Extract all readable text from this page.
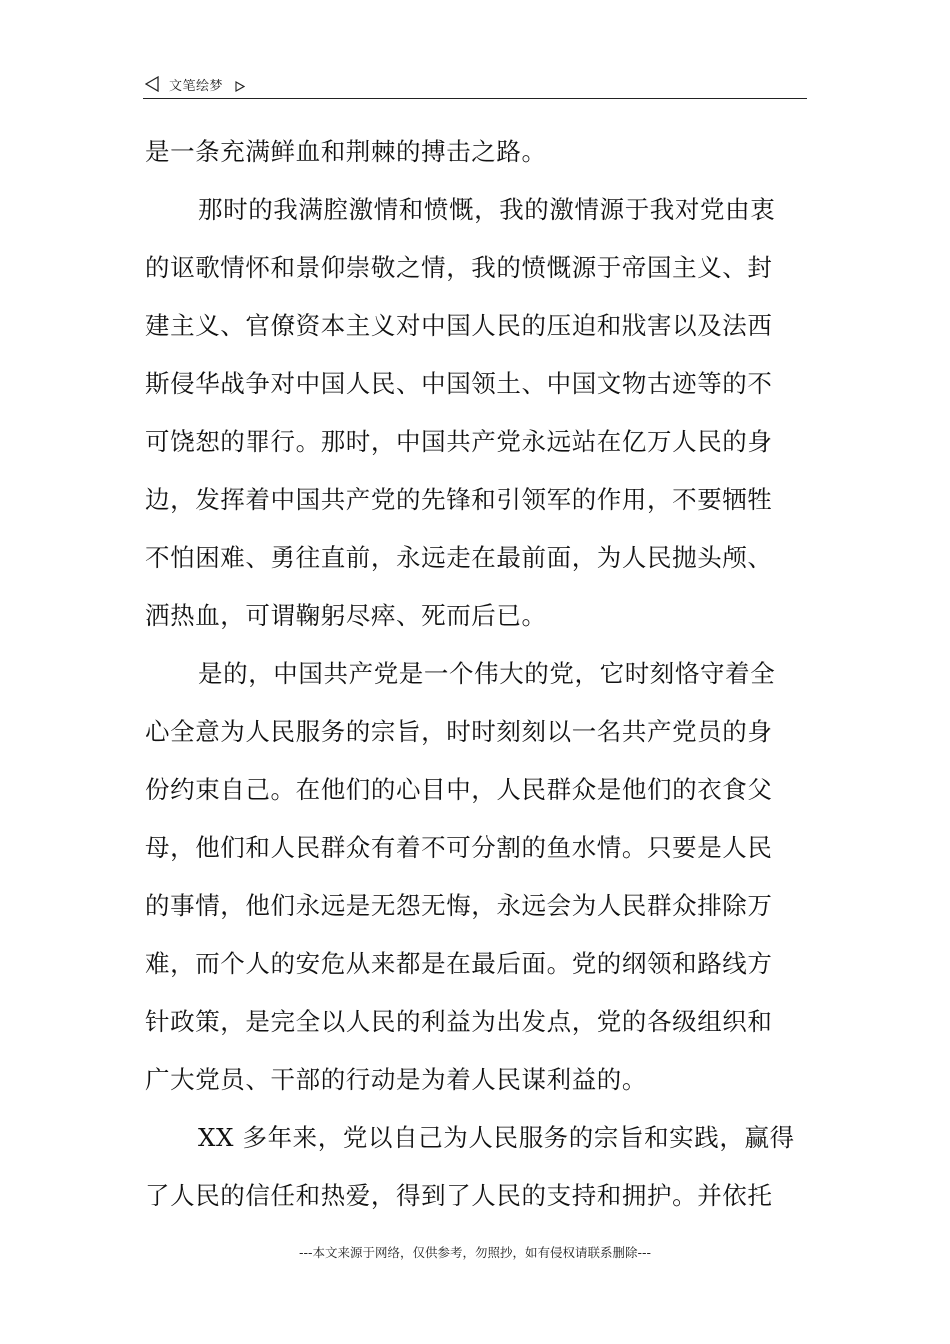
文笔绘梦
是一条充满鲜血和荆棘的搏击之路。
那时的我满腔激情和愤慨，我的激情源于我对党由衷
的讴歌情怀和景仰崇敬之情，我的愤慨源于帝国主义、封
建主义、官僚资本主义对中国人民的压迫和戕害以及法西
斯侵华战争对中国人民、中国领土、中国文物古迹等的不
可饶恕的罪行。那时，中国共产党永远站在亿万人民的身
边，发挥着中国共产党的先锋和引领军的作用，不要牺牲
不怕困难、勇往直前，永远走在最前面，为人民抛头颅、
洒热血，可谓鞠躬尽瘁、死而后已。
是的，中国共产党是一个伟大的党，它时刻恪守着全
心全意为人民服务的宗旨，时时刻刻以一名共产党员的身
份约束自己。在他们的心目中，人民群众是他们的衣食父
母，他们和人民群众有着不可分割的鱼水情。只要是人民
的事情，他们永远是无怨无悔，永远会为人民群众排除万
难，而个人的安危从来都是在最后面。党的纲领和路线方
针政策，是完全以人民的利益为出发点，党的各级组织和
广大党员、干部的行动是为着人民谋利益的。
XX 多年来，党以自己为人民服务的宗旨和实践，赢得
了人民的信任和热爱，得到了人民的支持和拥护。并依托
---本文来源于网络，仅供参考，勿照抄，如有侵权请联系删除---
